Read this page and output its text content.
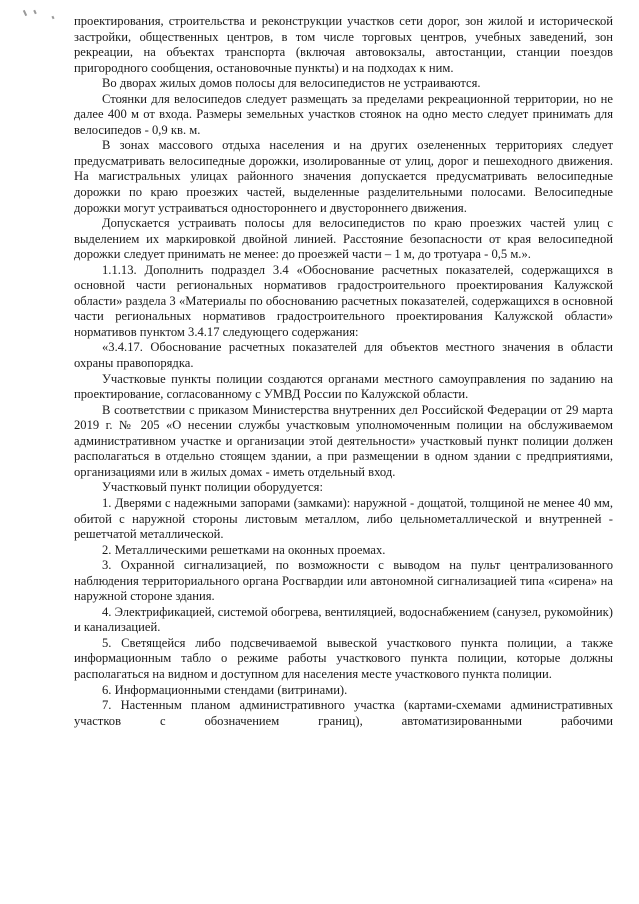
проектирования, строительства и реконструкции участков сети дорог, зон жилой и исторической застройки, общественных центров, в том числе торговых центров, учебных заведений, зон рекреации, на объектах транспорта (включая автовокзалы, автостанции, станции поездов пригородного сообщения, остановочные пункты) и на подходах к ним.

Во дворах жилых домов полосы для велосипедистов не устраиваются.

Стоянки для велосипедов следует размещать за пределами рекреационной территории, но не далее 400 м от входа. Размеры земельных участков стоянок на одно место следует принимать для велосипедов - 0,9 кв. м.

В зонах массового отдыха населения и на других озелененных территориях следует предусматривать велосипедные дорожки, изолированные от улиц, дорог и пешеходного движения. На магистральных улицах районного значения допускается предусматривать велосипедные дорожки по краю проезжих частей, выделенные разделительными полосами. Велосипедные дорожки могут устраиваться одностороннего и двустороннего движения.

Допускается устраивать полосы для велосипедистов по краю проезжих частей улиц с выделением их маркировкой двойной линией. Расстояние безопасности от края велосипедной дорожки следует принимать не менее: до проезжей части – 1 м, до тротуара - 0,5 м.».

1.1.13. Дополнить подраздел 3.4 «Обоснование расчетных показателей, содержащихся в основной части региональных нормативов градостроительного проектирования Калужской области» раздела 3 «Материалы по обоснованию расчетных показателей, содержащихся в основной части региональных нормативов градостроительного проектирования Калужской области» нормативов пунктом 3.4.17 следующего содержания:

«3.4.17. Обоснование расчетных показателей для объектов местного значения в области охраны правопорядка.

Участковые пункты полиции создаются органами местного самоуправления по заданию на проектирование, согласованному с УМВД России по Калужской области.

В соответствии с приказом Министерства внутренних дел Российской Федерации от 29 марта 2019 г. № 205 «О несении службы участковым уполномоченным полиции на обслуживаемом административном участке и организации этой деятельности» участковый пункт полиции должен располагаться в отдельно стоящем здании, а при размещении в одном здании с предприятиями, организациями или в жилых домах - иметь отдельный вход.

Участковый пункт полиции оборудуется:

1. Дверями с надежными запорами (замками): наружной - дощатой, толщиной не менее 40 мм, обитой с наружной стороны листовым металлом, либо цельнометаллической и внутренней - решетчатой металлической.

2. Металлическими решетками на оконных проемах.

3. Охранной сигнализацией, по возможности с выводом на пульт централизованного наблюдения территориального органа Росгвардии или автономной сигнализацией типа «сирена» на наружной стороне здания.

4. Электрификацией, системой обогрева, вентиляцией, водоснабжением (санузел, рукомойник) и канализацией.

5. Светящейся либо подсвечиваемой вывеской участкового пункта полиции, а также информационным табло о режиме работы участкового пункта полиции, которые должны располагаться на видном и доступном для населения месте участкового пункта полиции.

6. Информационными стендами (витринами).

7. Настенным планом административного участка (картами-схемами административных участков с обозначением границ), автоматизированными рабочими
